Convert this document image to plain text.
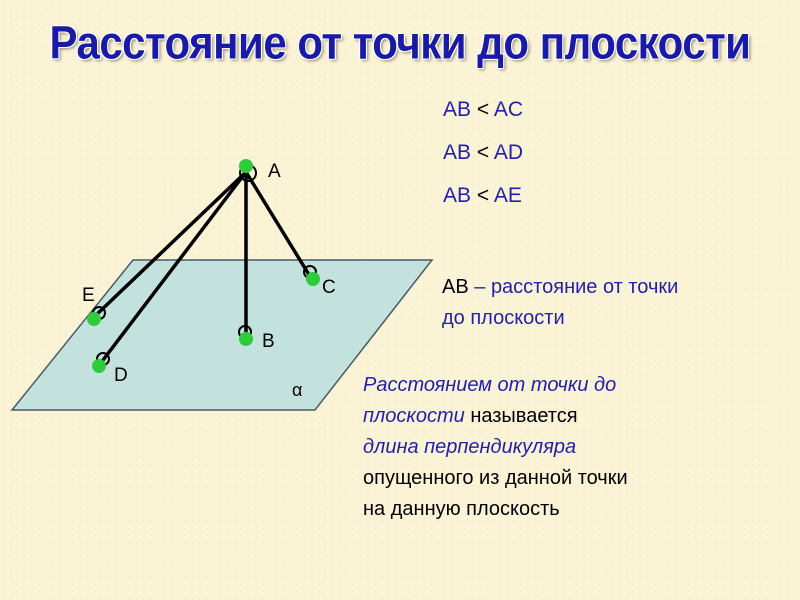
Расстояние от точки до плоскости
A
C
E
B
D
α
AB < AC
AB < AD
AB < AE
AB – расстояние от точки
до плоскости
Расстоянием от точки до
плоскости называется
длина перпендикуляра
опущенного из данной точки
на данную плоскость
